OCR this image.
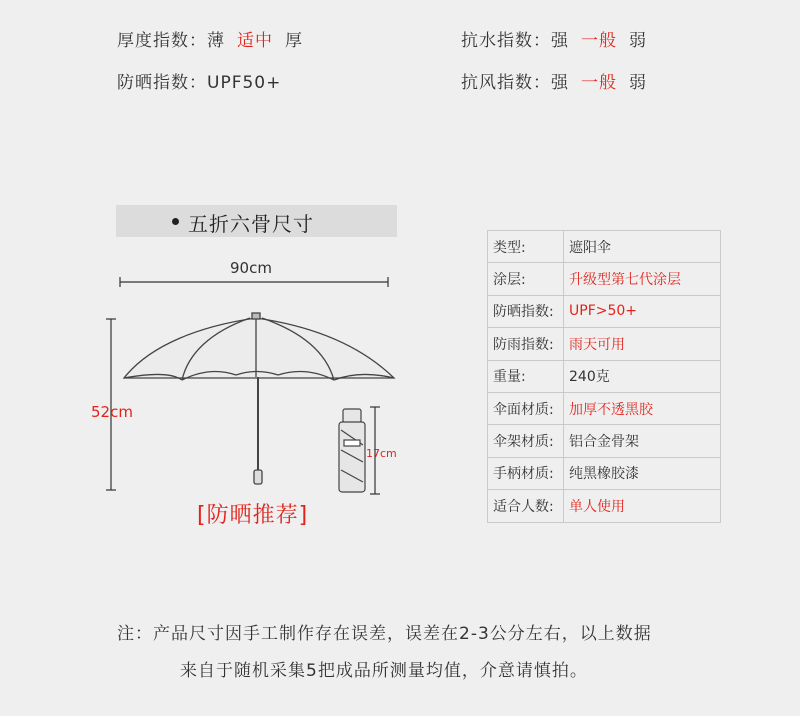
厚度指数：薄 适中 厚	抗水指数：强 一般 弱
防晒指数：UPF50+	抗风指数：强 一般 弱
五折六骨尺寸
90cm
52cm
17cm
[防晒推荐]
类型:	遮阳伞
涂层:	升级型第七代涂层
防晒指数:	UPF>50+
防雨指数:	雨天可用
重量:	240克
伞面材质:	加厚不透黑胶
伞架材质:	铝合金骨架
手柄材质:	纯黑橡胶漆
适合人数:	单人使用
注：产品尺寸因手工制作存在误差，误差在2-3公分左右，以上数据
来自于随机采集5把成品所测量均值，介意请慎拍。
